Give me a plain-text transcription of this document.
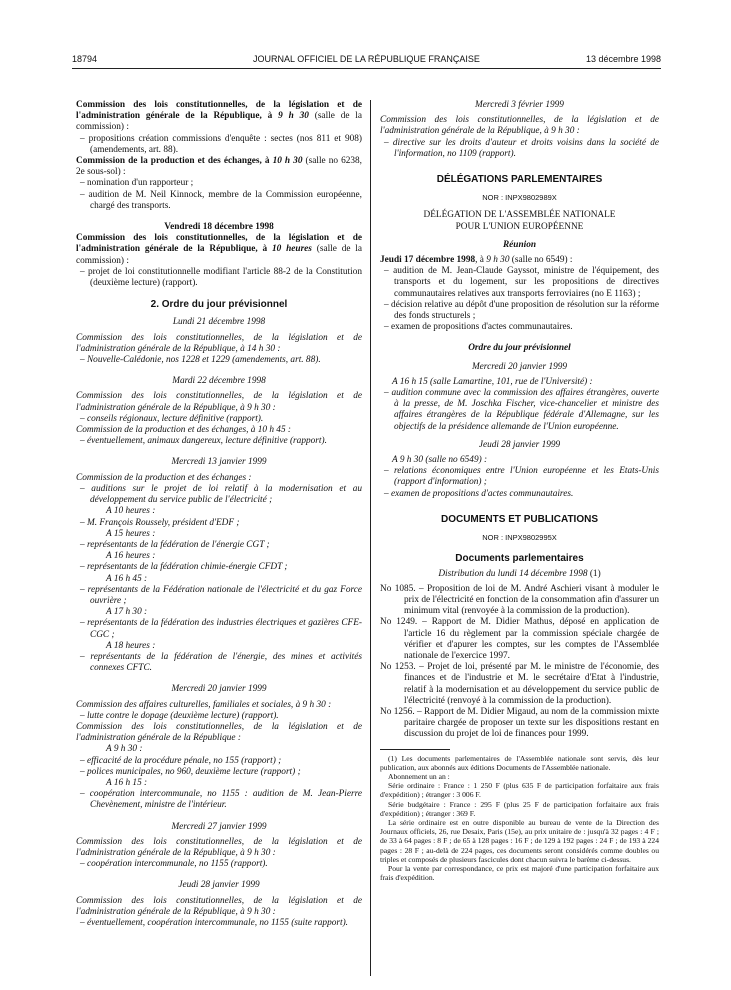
18794	JOURNAL OFFICIEL DE LA RÉPUBLIQUE FRANÇAISE	13 décembre 1998

Commission des lois constitutionnelles, de la législation et de l'administration générale de la République, à 9 h 30 (salle de la commission) :

– propositions création commissions d'enquête : sectes (nos 811 et 908) (amendements, art. 88).

Commission de la production et des échanges, à 10 h 30 (salle no 6238, 2e sous-sol) :

– nomination d'un rapporteur ;

– audition de M. Neil Kinnock, membre de la Commission européenne, chargé des transports.

Vendredi 18 décembre 1998

Commission des lois constitutionnelles, de la législation et de l'administration générale de la République, à 10 heures (salle de la commission) :

– projet de loi constitutionnelle modifiant l'article 88-2 de la Constitution (deuxième lecture) (rapport).

2. Ordre du jour prévisionnel

Lundi 21 décembre 1998

Commission des lois constitutionnelles, de la législation et de l'administration générale de la République, à 14 h 30 :

– Nouvelle-Calédonie, nos 1228 et 1229 (amendements, art. 88).

Mardi 22 décembre 1998

Commission des lois constitutionnelles, de la législation et de l'administration générale de la République, à 9 h 30 :

– conseils régionaux, lecture définitive (rapport).

Commission de la production et des échanges, à 10 h 45 :

– éventuellement, animaux dangereux, lecture définitive (rapport).

Mercredi 13 janvier 1999

Commission de la production et des échanges :

– auditions sur le projet de loi relatif à la modernisation et au développement du service public de l'électricité ;

A 10 heures :

– M. François Roussely, président d'EDF ;

A 15 heures :

– représentants de la fédération de l'énergie CGT ;

A 16 heures :

– représentants de la fédération chimie-énergie CFDT ;

A 16 h 45 :

– représentants de la Fédération nationale de l'électricité et du gaz Force ouvrière ;

A 17 h 30 :

– représentants de la fédération des industries électriques et gazières CFE-CGC ;

A 18 heures :

– représentants de la fédération de l'énergie, des mines et activités connexes CFTC.

Mercredi 20 janvier 1999

Commission des affaires culturelles, familiales et sociales, à 9 h 30 :

– lutte contre le dopage (deuxième lecture) (rapport).

Commission des lois constitutionnelles, de la législation et de l'administration générale de la République :

A 9 h 30 :

– efficacité de la procédure pénale, no 155 (rapport) ;

– polices municipales, no 960, deuxième lecture (rapport) ;

A 16 h 15 :

– coopération intercommunale, no 1155 : audition de M. Jean-Pierre Chevènement, ministre de l'intérieur.

Mercredi 27 janvier 1999

Commission des lois constitutionnelles, de la législation et de l'administration générale de la République, à 9 h 30 :

– coopération intercommunale, no 1155 (rapport).

Jeudi 28 janvier 1999

Commission des lois constitutionnelles, de la législation et de l'administration générale de la République, à 9 h 30 :

– éventuellement, coopération intercommunale, no 1155 (suite rapport).

Mercredi 3 février 1999

Commission des lois constitutionnelles, de la législation et de l'administration générale de la République, à 9 h 30 :

– directive sur les droits d'auteur et droits voisins dans la société de l'information, no 1109 (rapport).

DÉLÉGATIONS PARLEMENTAIRES

NOR : INPX9802989X

DÉLÉGATION DE L'ASSEMBLÉE NATIONALE POUR L'UNION EUROPÉENNE

Réunion

Jeudi 17 décembre 1998, à 9 h 30 (salle no 6549) :

– audition de M. Jean-Claude Gayssot, ministre de l'équipement, des transports et du logement, sur les propositions de directives communautaires relatives aux transports ferroviaires (no E 1163) ;

– décision relative au dépôt d'une proposition de résolution sur la réforme des fonds structurels ;

– examen de propositions d'actes communautaires.

Ordre du jour prévisionnel

Mercredi 20 janvier 1999

A 16 h 15 (salle Lamartine, 101, rue de l'Université) :

– audition commune avec la commission des affaires étrangères, ouverte à la presse, de M. Joschka Fischer, vice-chancelier et ministre des affaires étrangères de la République fédérale d'Allemagne, sur les objectifs de la présidence allemande de l'Union européenne.

Jeudi 28 janvier 1999

A 9 h 30 (salle no 6549) :

– relations économiques entre l'Union européenne et les Etats-Unis (rapport d'information) ;

– examen de propositions d'actes communautaires.

DOCUMENTS ET PUBLICATIONS

NOR : INPX9802995X

Documents parlementaires

Distribution du lundi 14 décembre 1998 (1)

No 1085. – Proposition de loi de M. André Aschieri visant à moduler le prix de l'électricité en fonction de la consommation afin d'assurer un minimum vital (renvoyée à la commission de la production).

No 1249. – Rapport de M. Didier Mathus, déposé en application de l'article 16 du règlement par la commission spéciale chargée de vérifier et d'apurer les comptes, sur les comptes de l'Assemblée nationale de l'exercice 1997.

No 1253. – Projet de loi, présenté par M. le ministre de l'économie, des finances et de l'industrie et M. le secrétaire d'Etat à l'industrie, relatif à la modernisation et au développement du service public de l'électricité (renvoyé à la commission de la production).

No 1256. – Rapport de M. Didier Migaud, au nom de la commission mixte paritaire chargée de proposer un texte sur les dispositions restant en discussion du projet de loi de finances pour 1999.

(1) Les documents parlementaires de l'Assemblée nationale sont servis, dès leur publication, aux abonnés aux éditions Documents de l'Assemblée nationale.

Abonnement un an :

Série ordinaire : France : 1 250 F (plus 635 F de participation forfaitaire aux frais d'expédition) ; étranger : 3 006 F.

Série budgétaire : France : 295 F (plus 25 F de participation forfaitaire aux frais d'expédition) ; étranger : 369 F.

La série ordinaire est en outre disponible au bureau de vente de la Direction des Journaux officiels, 26, rue Desaix, Paris (15e), au prix unitaire de : jusqu'à 32 pages : 4 F ; de 33 à 64 pages : 8 F ; de 65 à 128 pages : 16 F ; de 129 à 192 pages : 24 F ; de 193 à 224 pages : 28 F ; au-delà de 224 pages, ces documents seront considérés comme doubles ou triples et composés de plusieurs fascicules dont chacun suivra le barème ci-dessus.

Pour la vente par correspondance, ce prix est majoré d'une participation forfaitaire aux frais d'expédition.
